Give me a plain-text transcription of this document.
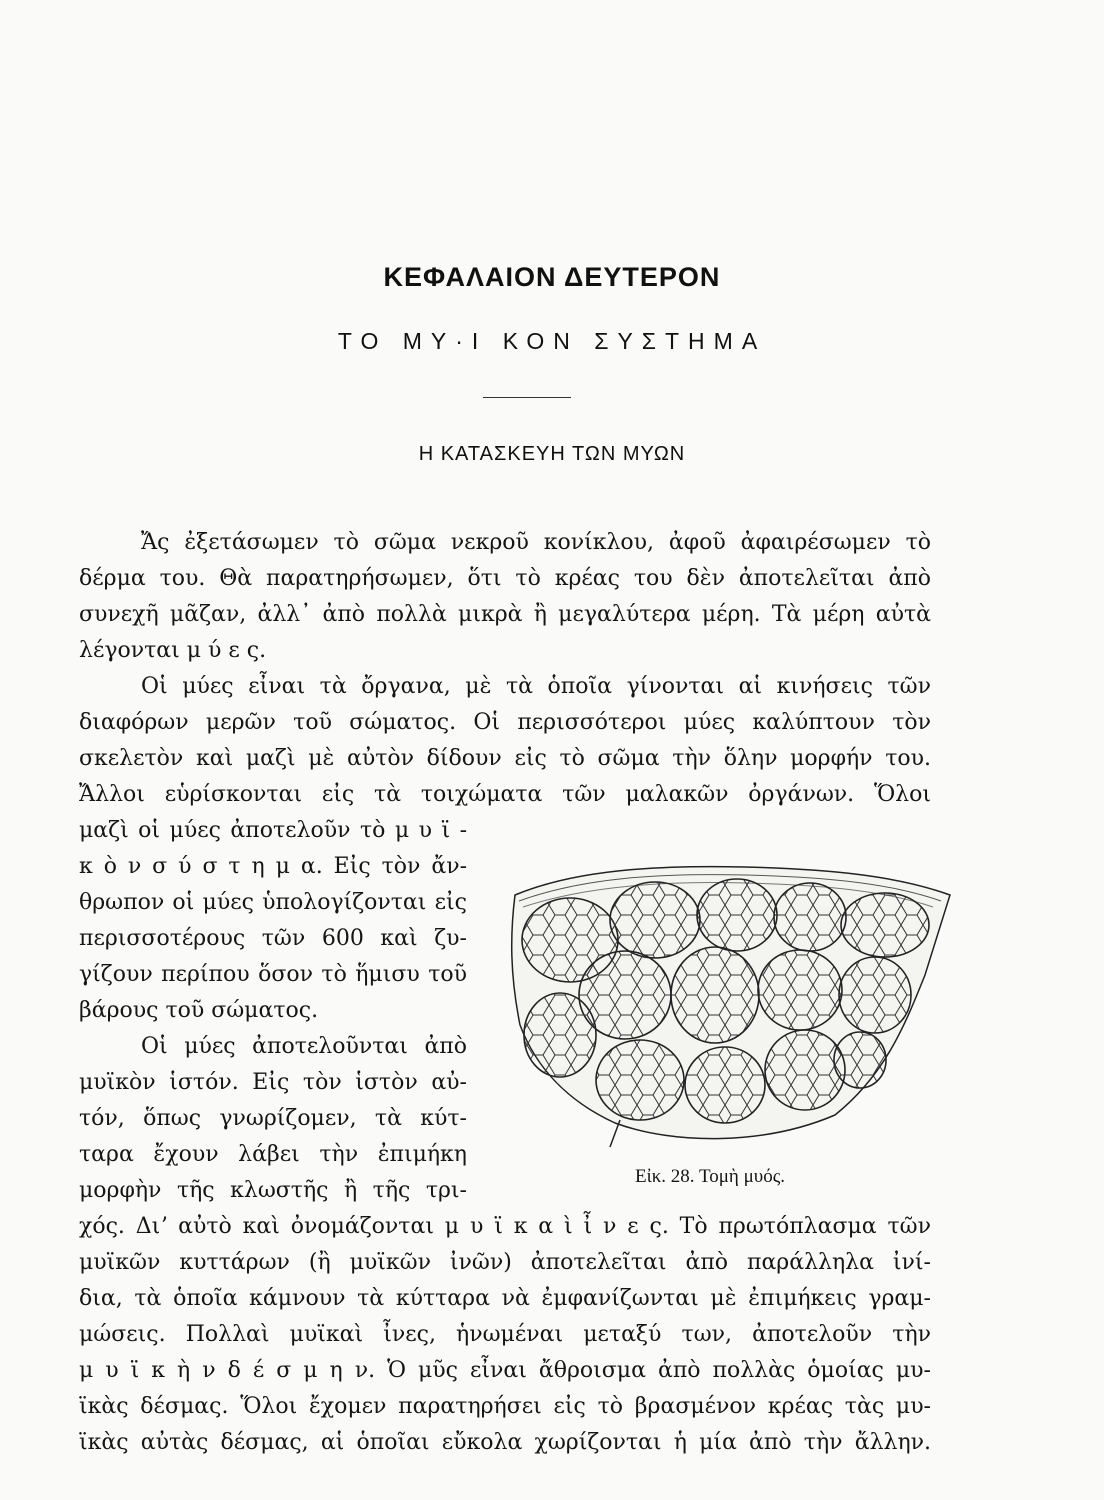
ΚΕΦΑΛΑΙΟΝ ΔΕΥΤΕΡΟΝ
ΤΟ ΜΥ·Ι ΚΟΝ ΣΥΣΤΗΜΑ
Η ΚΑΤΑΣΚΕΥΗ ΤΩΝ ΜΥΩΝ
Ἄς ἐξετάσωμεν τὸ σῶμα νεκροῦ κονίκλου, ἀφοῦ ἀφαιρέσωμεν τὸ
δέρμα του. Θὰ παρατηρήσωμεν, ὅτι τὸ κρέας του δὲν ἀποτελεῖται ἀπὸ
συνεχῆ μᾶζαν, ἀλλ᾽ ἀπὸ πολλὰ μικρὰ ἢ μεγαλύτερα μέρη. Τὰ μέρη αὐτὰ
λέγονται μ ύ ε ς.
Οἱ μύες εἶναι τὰ ὄργανα, μὲ τὰ ὁποῖα γίνονται αἱ κινήσεις τῶν
διαφόρων μερῶν τοῦ σώματος. Οἱ περισσότεροι μύες καλύπτουν τὸν
σκελετὸν καὶ μαζὶ μὲ αὐτὸν δίδουν εἰς τὸ σῶμα τὴν ὅλην μορφήν του.
Ἄλλοι εὑρίσκονται εἰς τὰ τοιχώματα τῶν μαλακῶν ὀργάνων. Ὅλοι
μαζὶ οἱ μύες ἀποτελοῦν τὸ μ υ ϊ -
κ ὸ ν σ ύ σ τ η μ α. Εἰς τὸν ἄν-
θρωπον οἱ μύες ὑπολογίζονται εἰς
περισσοτέρους τῶν 600 καὶ ζυ-
γίζουν περίπου ὅσον τὸ ἥμισυ τοῦ
βάρους τοῦ σώματος.
Οἱ μύες ἀποτελοῦνται ἀπὸ
μυϊκὸν ἱστόν. Εἰς τὸν ἱστὸν αὐ-
τόν, ὅπως γνωρίζομεν, τὰ κύτ-
ταρα ἔχουν λάβει τὴν ἐπιμήκη
μορφὴν τῆς κλωστῆς ἢ τῆς τρι-
χός. Διʼ αὐτὸ καὶ ὀνομάζονται μ υ ϊ κ α ὶ ἶ ν ε ς. Τὸ πρωτόπλασμα τῶν
μυϊκῶν κυττάρων (ἢ μυϊκῶν ἰνῶν) ἀποτελεῖται ἀπὸ παράλληλα ἰνί-
δια, τὰ ὁποῖα κάμνουν τὰ κύτταρα νὰ ἐμφανίζωνται μὲ ἐπιμήκεις γραμ-
μώσεις. Πολλαὶ μυϊκαὶ ἶνες, ἡνωμέναι μεταξύ των, ἀποτελοῦν τὴν
μ υ ϊ κ ὴ ν δ έ σ μ η ν. Ὁ μῦς εἶναι ἄθροισμα ἀπὸ πολλὰς ὁμοίας μυ-
ϊκὰς δέσμας. Ὅλοι ἔχομεν παρατηρήσει εἰς τὸ βρασμένον κρέας τὰς μυ-
ϊκὰς αὐτὰς δέσμας, αἱ ὁποῖαι εὔκολα χωρίζονται ἡ μία ἀπὸ τὴν ἄλλην.
Εἰκ. 28. Τομὴ μυός.
